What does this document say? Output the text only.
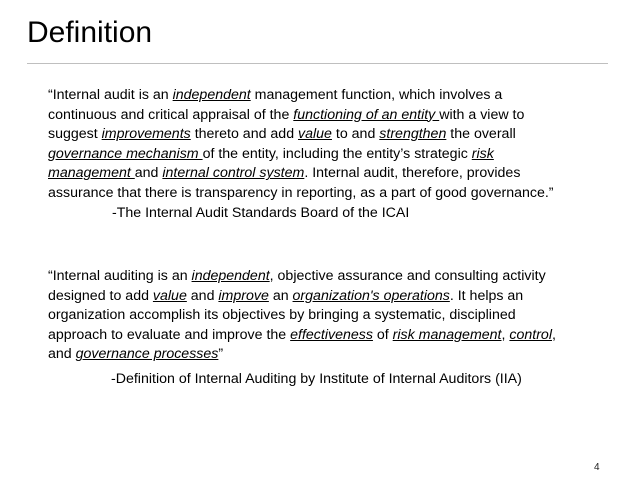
Definition
“Internal audit is an independent management function, which involves a
continuous and critical appraisal of the functioning of an entity with a view to
suggest improvements thereto and add value to and strengthen the overall
governance mechanism of the entity, including the entity’s strategic risk
management and internal control system. Internal audit, therefore, provides
assurance that there is transparency in reporting, as a part of good governance.”
-The Internal Audit Standards Board of the ICAI
“Internal auditing is an independent, objective assurance and consulting activity
designed to add value and improve an organization's operations. It helps an
organization accomplish its objectives by bringing a systematic, disciplined
approach to evaluate and improve the effectiveness of risk management, control,
and governance processes”
-Definition of Internal Auditing by Institute of Internal Auditors (IIA)
4
